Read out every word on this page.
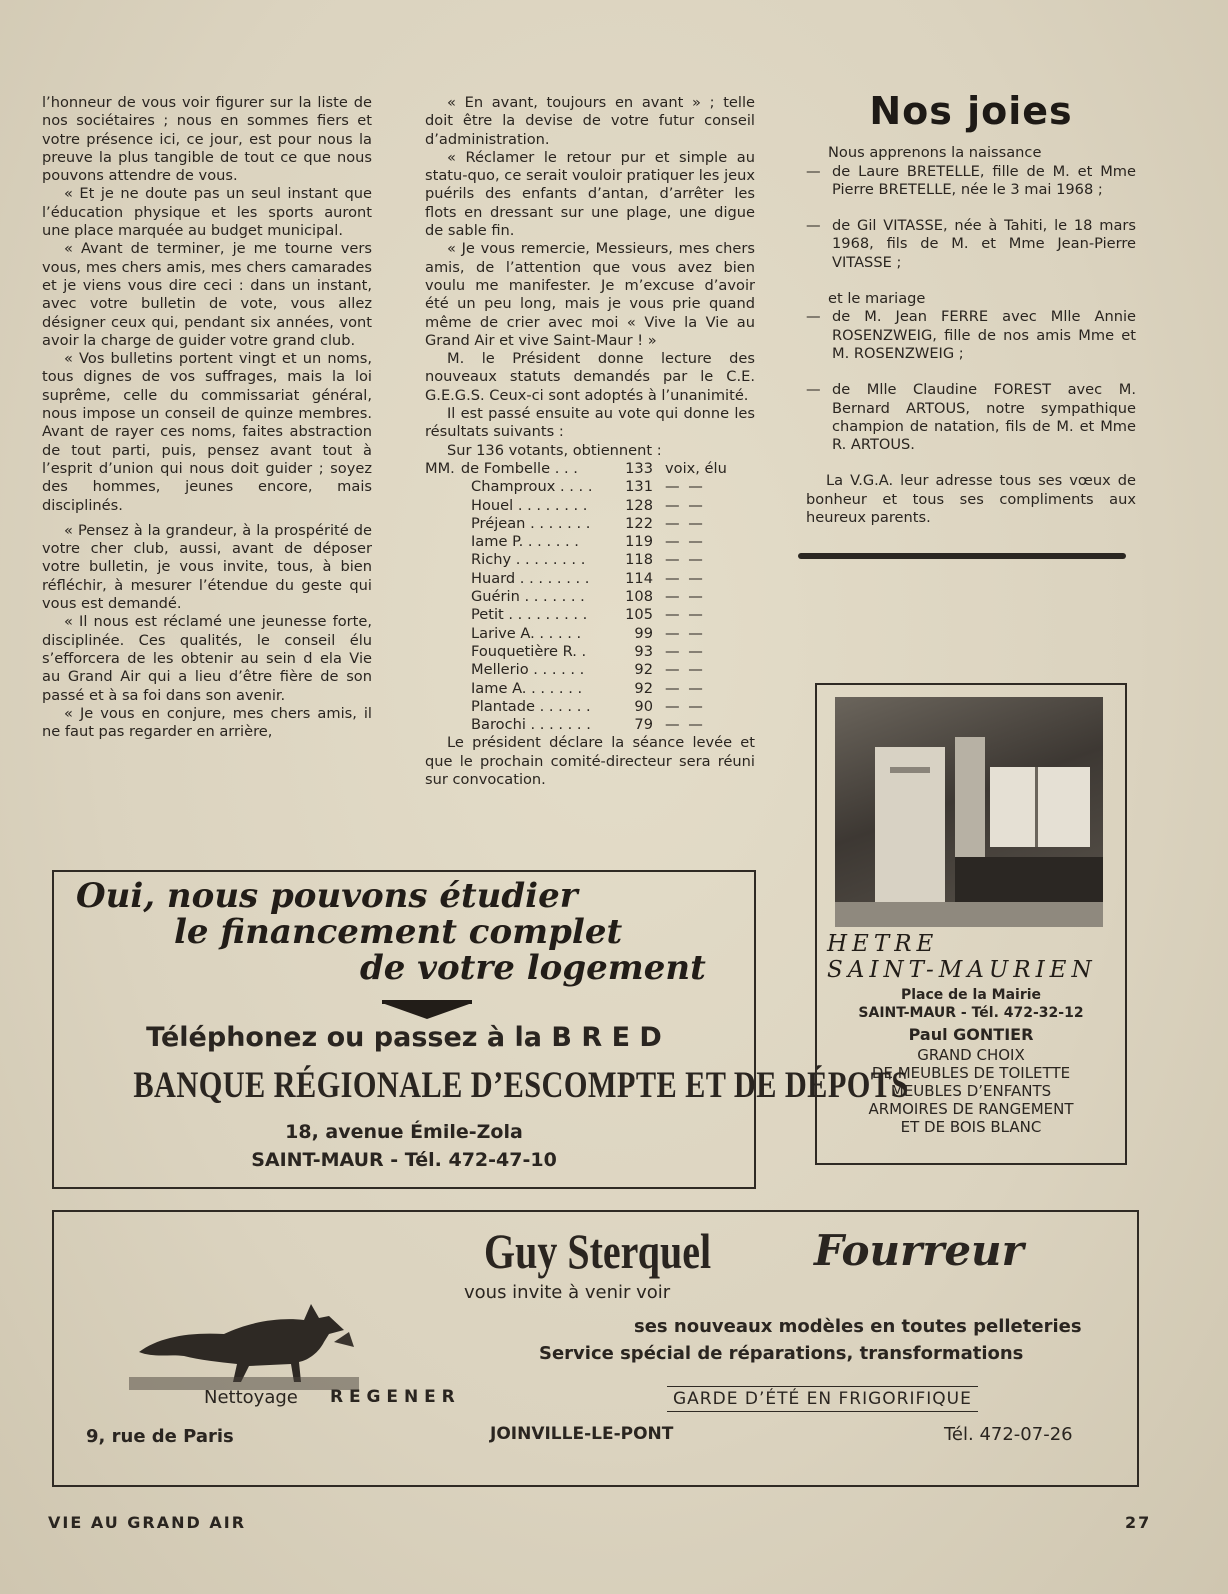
l’honneur de vous voir figurer sur la liste de nos sociétaires ; nous en sommes fiers et votre présence ici, ce jour, est pour nous la preuve la plus tangible de tout ce que nous pouvons attendre de vous.

« Et je ne doute pas un seul instant que l’éducation physique et les sports auront une place marquée au budget municipal.

« Avant de terminer, je me tourne vers vous, mes chers amis, mes chers camarades et je viens vous dire ceci : dans un instant, avec votre bulletin de vote, vous allez désigner ceux qui, pendant six années, vont avoir la charge de guider votre grand club.

« Vos bulletins portent vingt et un noms, tous dignes de vos suffrages, mais la loi suprême, celle du commissariat général, nous impose un conseil de quinze membres. Avant de rayer ces noms, faites abstraction de tout parti, puis, pensez avant tout à l’esprit d’union qui nous doit guider ; soyez des hommes, jeunes encore, mais disciplinés.

« Pensez à la grandeur, à la prospérité de votre cher club, aussi, avant de déposer votre bulletin, je vous invite, tous, à bien réfléchir, à mesurer l’étendue du geste qui vous est demandé.

« Il nous est réclamé une jeunesse forte, disciplinée. Ces qualités, le conseil élu s’efforcera de les obtenir au sein d ela Vie au Grand Air qui a lieu d’être fière de son passé et à sa foi dans son avenir.

« Je vous en conjure, mes chers amis, il ne faut pas regarder en arrière,

« En avant, toujours en avant » ; telle doit être la devise de votre futur conseil d’administration.

« Réclamer le retour pur et simple au statu-quo, ce serait vouloir pratiquer les jeux puérils des enfants d’antan, d’arrêter les flots en dressant sur une plage, une digue de sable fin.

« Je vous remercie, Messieurs, mes chers amis, de l’attention que vous avez bien voulu me manifester. Je m’excuse d’avoir été un peu long, mais je vous prie quand même de crier avec moi « Vive la Vie au Grand Air et vive Saint-Maur ! »

M. le Président donne lecture des nouveaux statuts demandés par le C.E. G.E.G.S. Ceux-ci sont adoptés à l’unanimité.

Il est passé ensuite au vote qui donne les résultats suivants :

Sur 136 votants, obtiennent :

MM. de Fombelle . . .	133	voix, élu
Champroux . . . .	131	— —
Houel . . . . . . . .	128	— —
Préjean . . . . . . .	122	— —
Iame P. . . . . . .	119	— —
Richy . . . . . . . .	118	— —
Huard . . . . . . . .	114	— —
Guérin . . . . . . .	108	— —
Petit . . . . . . . . .	105	— —
Larive A. . . . . .	99	— —
Fouquetière R. .	93	— —
Mellerio . . . . . .	92	— —
Iame A. . . . . . .	92	— —
Plantade . . . . . .	90	— —
Barochi . . . . . . .	79	— —

Le président déclare la séance levée et que le prochain comité-directeur sera réuni sur convocation.

Nos joies

Nous apprenons la naissance

— de Laure BRETELLE, fille de M. et Mme Pierre BRETELLE, née le 3 mai 1968 ;
— de Gil VITASSE, née à Tahiti, le 18 mars 1968, fils de M. et Mme Jean-Pierre VITASSE ;

et le mariage

— de M. Jean FERRE avec Mlle Annie ROSENZWEIG, fille de nos amis Mme et M. ROSENZWEIG ;
— de Mlle Claudine FOREST avec M. Bernard ARTOUS, notre sympathique champion de natation, fils de M. et Mme R. ARTOUS.

La V.G.A. leur adresse tous ses vœux de bonheur et tous ses compliments aux heureux parents.

Oui, nous pouvons étudier
le financement complet
de votre logement
Téléphonez ou passez à la B R E D
BANQUE RÉGIONALE D’ESCOMPTE ET DE DÉPOTS
18, avenue Émile-Zola
SAINT-MAUR - Tél. 472-47-10
HETRE
SAINT-MAURIEN
Place de la Mairie
SAINT-MAUR - Tél. 472-32-12
Paul GONTIER
GRAND CHOIX
DE MEUBLES DE TOILETTE
MEUBLES D’ENFANTS
ARMOIRES DE RANGEMENT
ET DE BOIS BLANC
Guy Sterquel Fourreur
vous invite à venir voir
ses nouveaux modèles en toutes pelleteries
Service spécial de réparations, transformations
Nettoyage R E G E N E R	GARDE D’ÉTÉ EN FRIGORIFIQUE
9, rue de Paris	JOINVILLE-LE-PONT	Tél. 472-07-26
VIE AU GRAND AIR	27
